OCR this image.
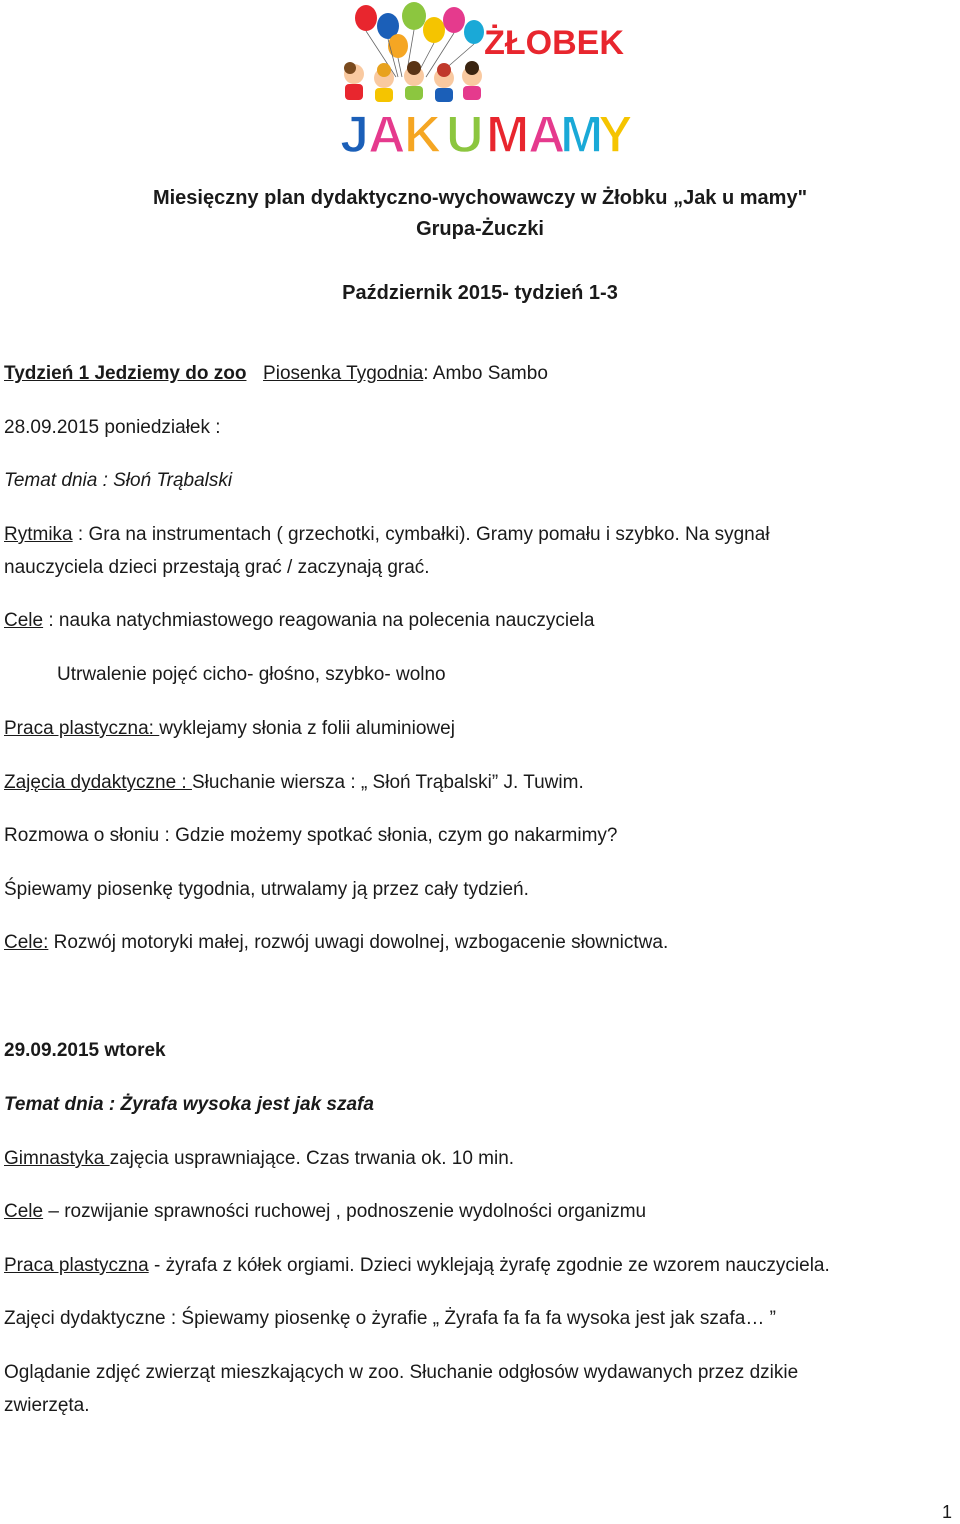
ŻŁOBEK
J A
K U M
A
M
Y
Miesięczny plan dydaktyczno-wychowawczy w Żłobku „Jak u mamy"
Grupa-Żuczki
Październik 2015- tydzień 1-3
Tydzień 1 Jedziemy do zoo Piosenka Tygodnia: Ambo Sambo
28.09.2015 poniedziałek :
Temat dnia : Słoń Trąbalski
Rytmika : Gra na instrumentach ( grzechotki, cymbałki). Gramy pomału i szybko. Na sygnał
nauczyciela dzieci przestają grać / zaczynają grać.
Cele : nauka natychmiastowego reagowania na polecenia nauczyciela
Utrwalenie pojęć cicho- głośno, szybko- wolno
Praca plastyczna: wyklejamy słonia z folii aluminiowej
Zajęcia dydaktyczne : Słuchanie wiersza : „ Słoń Trąbalski” J. Tuwim.
Rozmowa o słoniu : Gdzie możemy spotkać słonia, czym go nakarmimy?
Śpiewamy piosenkę tygodnia, utrwalamy ją przez cały tydzień.
Cele: Rozwój motoryki małej, rozwój uwagi dowolnej, wzbogacenie słownictwa.
29.09.2015 wtorek
Temat dnia : Żyrafa wysoka jest jak szafa
Gimnastyka zajęcia usprawniające. Czas trwania ok. 10 min.
Cele – rozwijanie sprawności ruchowej , podnoszenie wydolności organizmu
Praca plastyczna - żyrafa z kółek orgiami. Dzieci wyklejają żyrafę zgodnie ze wzorem nauczyciela.
Zajęci dydaktyczne : Śpiewamy piosenkę o żyrafie „ Żyrafa fa fa fa wysoka jest jak szafa… ”
Oglądanie zdjęć zwierząt mieszkających w zoo. Słuchanie odgłosów wydawanych przez dzikie
zwierzęta.
1
